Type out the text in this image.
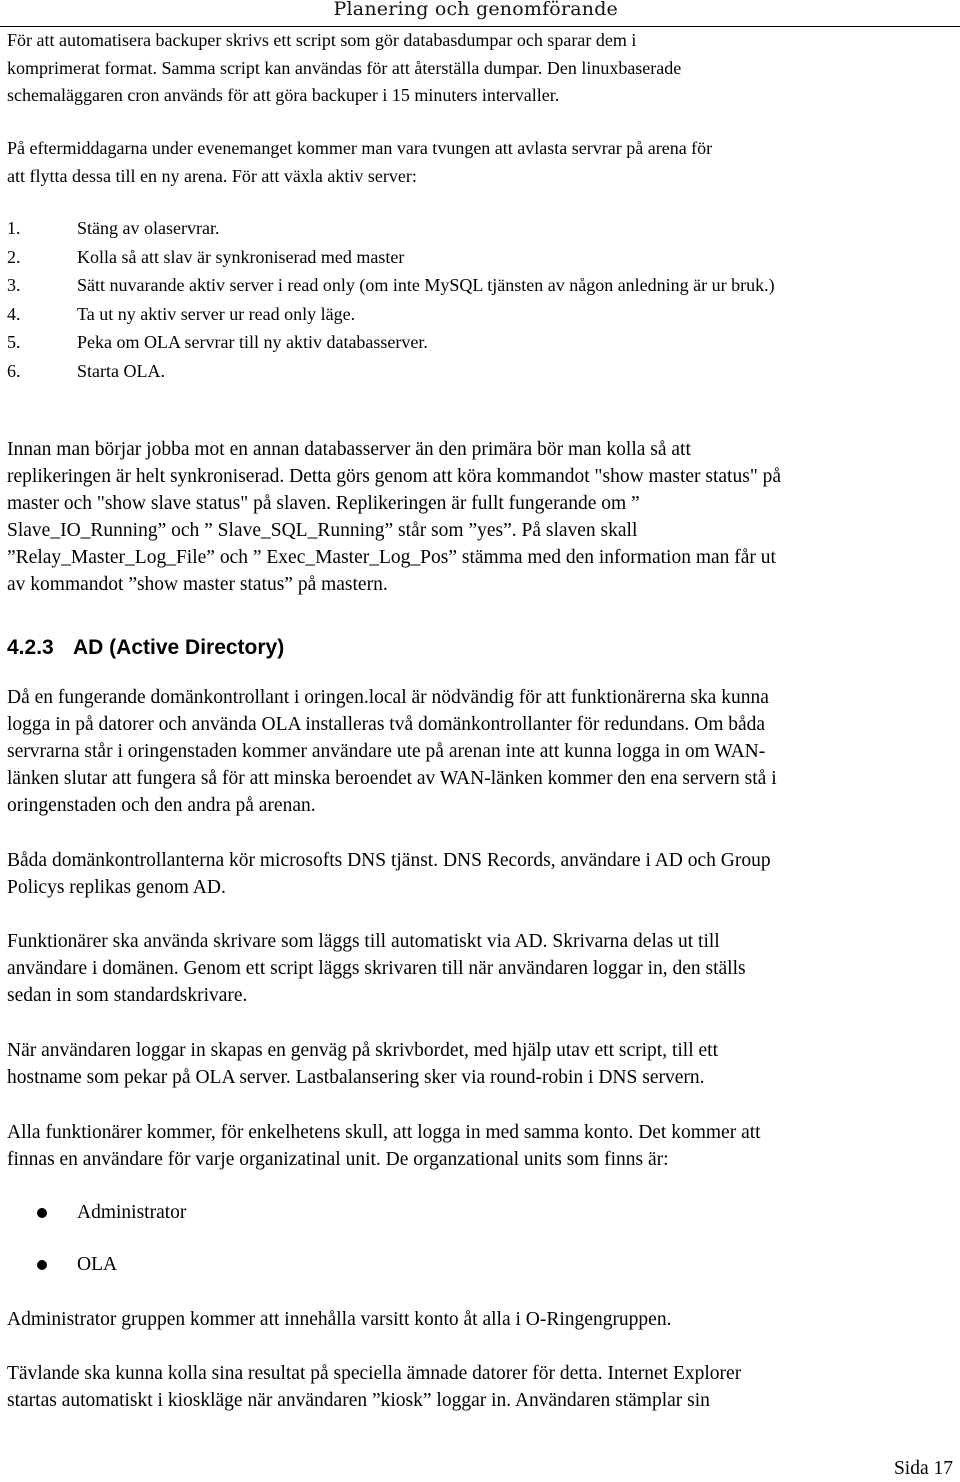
Planering och genomförande

För att automatisera backuper skrivs ett script som gör databasdumpar och sparar dem i
komprimerat format. Samma script kan användas för att återställa dumpar. Den linuxbaserade
schemaläggaren cron används för att göra backuper i 15 minuters intervaller.

På eftermiddagarna under evenemanget kommer man vara tvungen att avlasta servrar på arena för
att flytta dessa till en ny arena. För att växla aktiv server:

1.	Stäng av olaservrar.
2.	Kolla så att slav är synkroniserad med master
3.	Sätt nuvarande aktiv server i read only (om inte MySQL tjänsten av någon anledning är ur bruk.)
4.	Ta ut ny aktiv server ur read only läge.
5.	Peka om OLA servrar till ny aktiv databasserver.
6.	Starta OLA.

Innan man börjar jobba mot en annan databasserver än den primära bör man kolla så att
replikeringen är helt synkroniserad. Detta görs genom att köra kommandot "show master status" på
master och "show slave status" på slaven. Replikeringen är fullt fungerande om ”
Slave_IO_Running” och ” Slave_SQL_Running” står som ”yes”. På slaven skall
”Relay_Master_Log_File” och ” Exec_Master_Log_Pos” stämma med den information man får ut
av kommandot ”show master status” på mastern.

4.2.3 AD (Active Directory)

Då en fungerande domänkontrollant i oringen.local är nödvändig för att funktionärerna ska kunna
logga in på datorer och använda OLA installeras två domänkontrollanter för redundans. Om båda
servrarna står i oringenstaden kommer användare ute på arenan inte att kunna logga in om WAN-
länken slutar att fungera så för att minska beroendet av WAN-länken kommer den ena servern stå i
oringenstaden och den andra på arenan.

Båda domänkontrollanterna kör microsofts DNS tjänst. DNS Records, användare i AD och Group
Policys replikas genom AD.

Funktionärer ska använda skrivare som läggs till automatiskt via AD. Skrivarna delas ut till
användare i domänen. Genom ett script läggs skrivaren till när användaren loggar in, den ställs
sedan in som standardskrivare.

När användaren loggar in skapas en genväg på skrivbordet, med hjälp utav ett script, till ett
hostname som pekar på OLA server. Lastbalansering sker via round-robin i DNS servern.

Alla funktionärer kommer, för enkelhetens skull, att logga in med samma konto. Det kommer att
finnas en användare för varje organizatinal unit. De organzational units som finns är:

Administrator
OLA

Administrator gruppen kommer att innehålla varsitt konto åt alla i O-Ringengruppen.

Tävlande ska kunna kolla sina resultat på speciella ämnade datorer för detta. Internet Explorer
startas automatiskt i kioskläge när användaren ”kiosk” loggar in. Användaren stämplar sin

Sida 17
